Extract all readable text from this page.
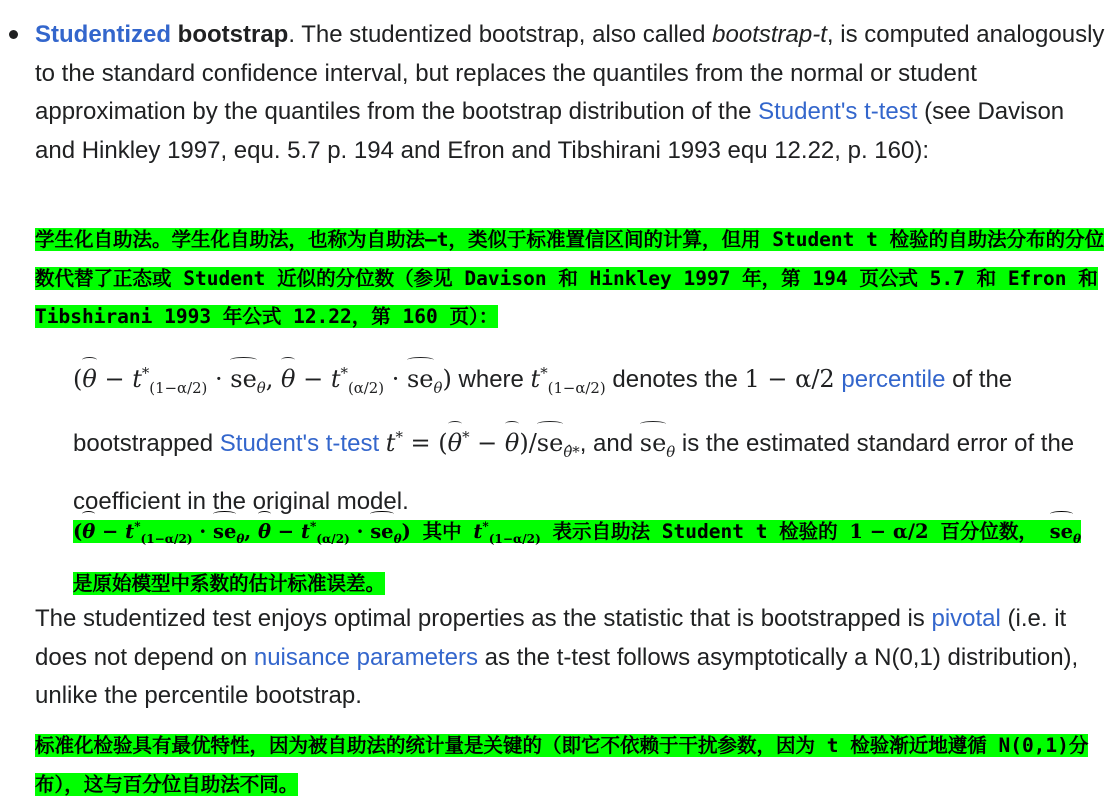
Studentized bootstrap. The studentized bootstrap, also called bootstrap-t, is computed analogously to the standard confidence interval, but replaces the quantiles from the normal or student approximation by the quantiles from the bootstrap distribution of the Student's t-test (see Davison and Hinkley 1997, equ. 5.7 p. 194 and Efron and Tibshirani 1993 equ 12.22, p. 160):

学生化自助法。学生化自助法，也称为自助法—t，类似于标准置信区间的计算，但用 Student t 检验的自助法分布的分位数代替了正态或 Student 近似的分位数（参见 Davison 和 Hinkley 1997 年，第 194 页公式 5.7 和 Efron 和 Tibshirani 1993 年公式 12.22，第 160 页）：

($\theta - t^*_{(1-\alpha/2)} \cdot se_\theta$, $\theta - t^*_{(\alpha/2)} \cdot se_\theta$) where $t^*_{(1-\alpha/2)}$ denotes the 1 − α/2 percentile of the bootstrapped Student's t-test $t^* = (\theta^* - \theta)/se_{\thetâ*}$, and $se_\theta$ is the estimated standard error of the coefficient in the original model.

($\theta - t^*_{(1-\alpha/2)} \cdot se_\theta$, $\theta - t^*_{(\alpha/2)} \cdot se_\theta$) 其中 $t^*_{(1-\alpha/2)}$ 表示自助法 Student t 检验的 1 − α/2 百分位数， $se_\theta$ 是原始模型中系数的估计标准误差。

The studentized test enjoys optimal properties as the statistic that is bootstrapped is pivotal (i.e. it does not depend on nuisance parameters as the t-test follows asymptotically a N(0,1) distribution), unlike the percentile bootstrap.

标准化检验具有最优特性，因为被自助法的统计量是关键的（即它不依赖于干扰参数，因为 t 检验渐近地遵循 N(0,1)分布），这与百分位自助法不同。
